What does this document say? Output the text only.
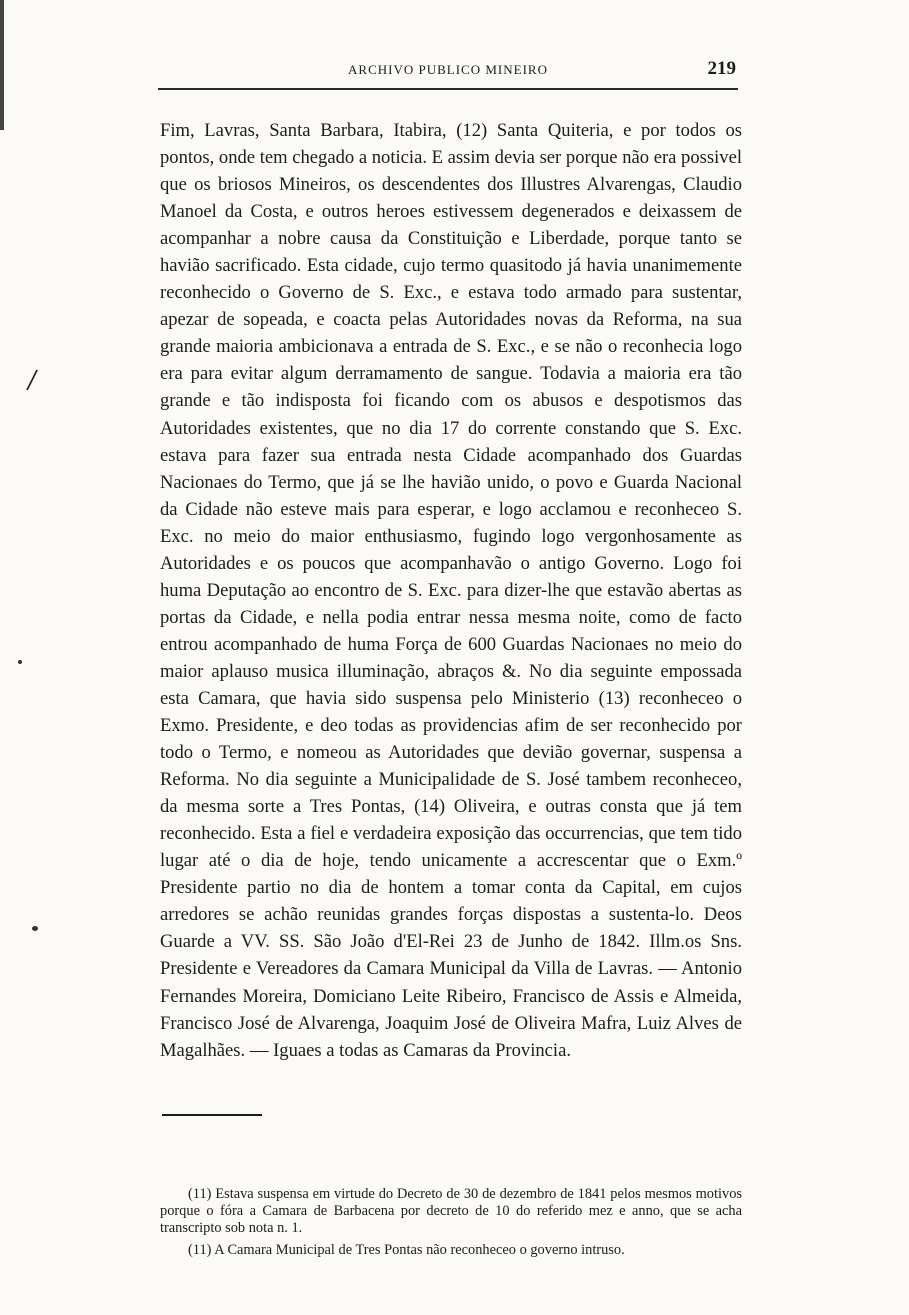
ARCHIVO PUBLICO MINEIRO	219
/

Fim, Lavras, Santa Barbara, Itabira, (12) Santa Quiteria, e por todos os pontos, onde tem chegado a noticia. E assim devia ser porque não era possivel que os briosos Mineiros, os descendentes dos Illustres Alvarengas, Claudio Manoel da Costa, e outros heroes estivessem degenerados e deixassem de acompanhar a nobre causa da Constituição e Liberdade, porque tanto se havião sacrificado. Esta cidade, cujo termo quasitodo já havia unanimemente reconhecido o Governo de S. Exc., e estava todo armado para sustentar, apezar de sopeada, e coacta pelas Autoridades novas da Reforma, na sua grande maioria ambicionava a entrada de S. Exc., e se não o reconhecia logo era para evitar algum derramamento de sangue. Todavia a maioria era tão grande e tão indisposta foi ficando com os abusos e despotismos das Autoridades existentes, que no dia 17 do corrente constando que S. Exc. estava para fazer sua entrada nesta Cidade acompanhado dos Guardas Nacionaes do Termo, que já se lhe havião unido, o povo e Guarda Nacional da Cidade não esteve mais para esperar, e logo acclamou e reconheceo S. Exc. no meio do maior enthusiasmo, fugindo logo vergonhosamente as Autoridades e os poucos que acompanhavão o antigo Governo. Logo foi huma Deputação ao encontro de S. Exc. para dizer-lhe que estavão abertas as portas da Cidade, e nella podia entrar nessa mesma noite, como de facto entrou acompanhado de huma Força de 600 Guardas Nacionaes no meio do maior aplauso musica illuminação, abraços &. No dia seguinte empossada esta Camara, que havia sido suspensa pelo Ministerio (13) reconheceo o Exmo. Presidente, e deo todas as providencias afim de ser reconhecido por todo o Termo, e nomeou as Autoridades que devião governar, suspensa a Reforma. No dia seguinte a Municipalidade de S. José tambem reconheceo, da mesma sorte a Tres Pontas, (14) Oliveira, e outras consta que já tem reconhecido. Esta a fiel e verdadeira exposição das occurrencias, que tem tido lugar até o dia de hoje, tendo unicamente a accrescentar que o Exm.º Presidente partio no dia de hontem a tomar conta da Capital, em cujos arredores se achão reunidas grandes forças dispostas a sustenta-lo. Deos Guarde a VV. SS. São João d'El-Rei 23 de Junho de 1842. Illm.os Sns. Presidente e Vereadores da Camara Municipal da Villa de Lavras. — Antonio Fernandes Moreira, Domiciano Leite Ribeiro, Francisco de Assis e Almeida, Francisco José de Alvarenga, Joaquim José de Oliveira Mafra, Luiz Alves de Magalhães. — Iguaes a todas as Camaras da Provincia.

(11) Estava suspensa em virtude do Decreto de 30 de dezembro de 1841 pelos mesmos motivos porque o fóra a Camara de Barbacena por decreto de 10 do referido mez e anno, que se acha transcripto sob nota n. 1.

(11) A Camara Municipal de Tres Pontas não reconheceo o governo intruso.
